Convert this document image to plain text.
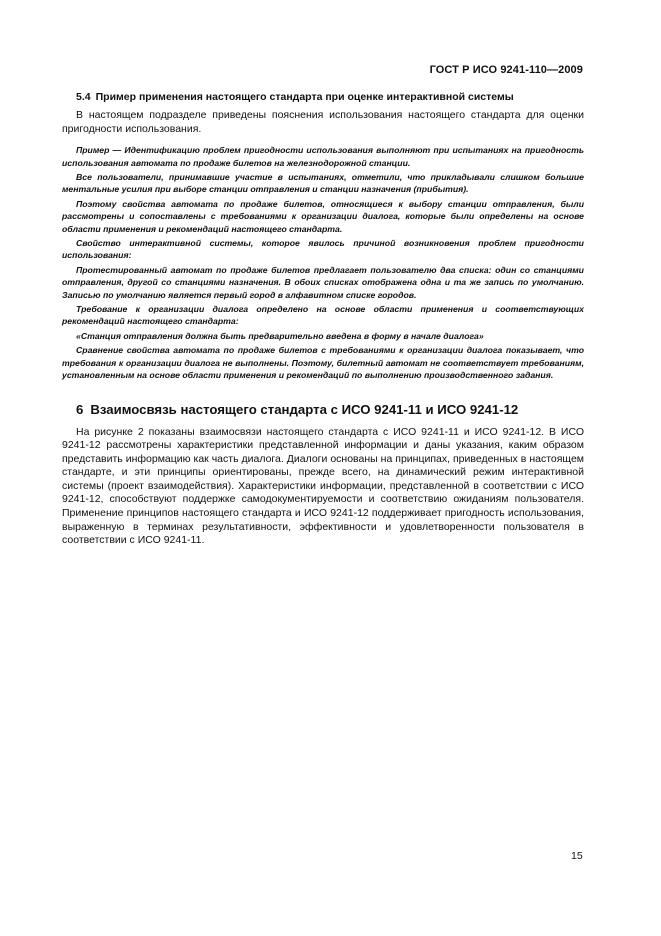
ГОСТ Р ИСО 9241-110—2009
5.4 Пример применения настоящего стандарта при оценке интерактивной системы

В настоящем подразделе приведены пояснения использования настоящего стандарта для оценки пригодности использования.

Пример — Идентификацию проблем пригодности использования выполняют при испытаниях на пригодность использования автомата по продаже билетов на железнодорожной станции.

Все пользователи, принимавшие участие в испытаниях, отметили, что прикладывали слишком большие ментальные усилия при выборе станции отправления и станции назначения (прибытия).

Поэтому свойства автомата по продаже билетов, относящиеся к выбору станции отправления, были рассмотрены и сопоставлены с требованиями к организации диалога, которые были определены на основе области применения и рекомендаций настоящего стандарта.

Свойство интерактивной системы, которое явилось причиной возникновения проблем пригодности использования:

Протестированный автомат по продаже билетов предлагает пользователю два списка: один со станциями отправления, другой со станциями назначения. В обоих списках отображена одна и та же запись по умолчанию. Записью по умолчанию является первый город в алфавитном списке городов.

Требование к организации диалога определено на основе области применения и соответствующих рекомендаций настоящего стандарта:

«Станция отправления должна быть предварительно введена в форму в начале диалога»

Сравнение свойства автомата по продаже билетов с требованиями к организации диалога показывает, что требования к организации диалога не выполнены. Поэтому, билетный автомат не соответствует требованиям, установленным на основе области применения и рекомендаций по выполнению производственного задания.

6 Взаимосвязь настоящего стандарта с ИСО 9241-11 и ИСО 9241-12

На рисунке 2 показаны взаимосвязи настоящего стандарта с ИСО 9241-11 и ИСО 9241-12. В ИСО 9241-12 рассмотрены характеристики представленной информации и даны указания, каким образом представить информацию как часть диалога. Диалоги основаны на принципах, приведенных в настоящем стандарте, и эти принципы ориентированы, прежде всего, на динамический режим интерактивной системы (проект взаимодействия). Характеристики информации, представленной в соответствии с ИСО 9241-12, способствуют поддержке самодокументируемости и соответствию ожиданиям пользователя. Применение принципов настоящего стандарта и ИСО 9241-12 поддерживает пригодность использования, выраженную в терминах результативности, эффективности и удовлетворенности пользователя в соответствии с ИСО 9241-11.

15
